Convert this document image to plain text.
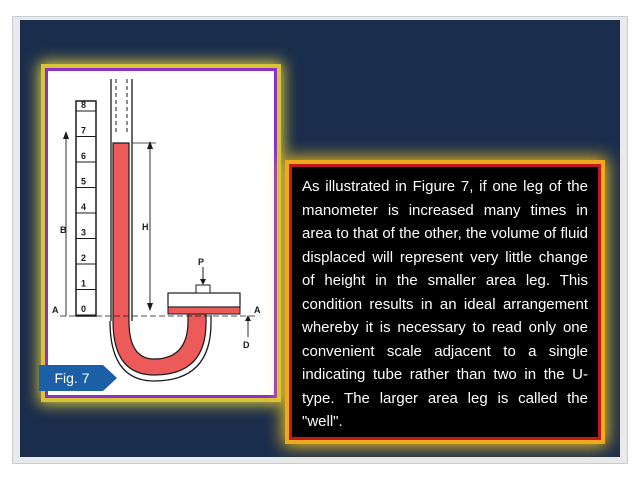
8
7
6
5
4
3
2
1
0
A
B	H
P
A
D
Fig. 7

As illustrated in Figure 7, if one leg of the manometer is increased many times in area to that of the other, the volume of fluid displaced will represent very little change of height in the smaller area leg. This condition results in an ideal arrangement whereby it is necessary to read only one convenient scale adjacent to a single indicating tube rather than two in the U-type. The larger area leg is called the "well".
